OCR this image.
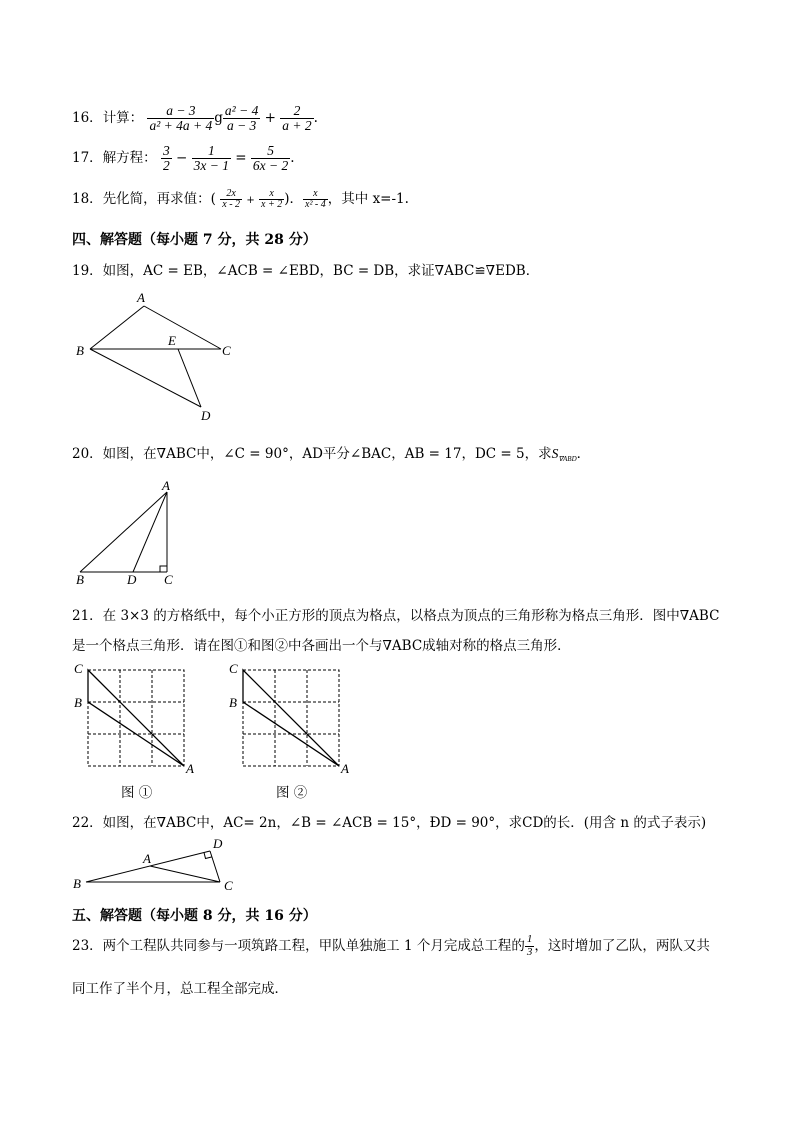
16．计算： $\frac{a - 3}{\text{a² + 4a + 4}}$ g $\frac{\text{a² − 4}}{a - 3} + \frac{2}{a + 2}$ .
17．解方程： $\frac{3}{2} - \frac{1}{3x - 1} = \frac{5}{6x - 2}$ .
18．先化简，再求值：( $\frac{2x}{x - 2} + \frac{x}{x + 2}$ )． $\frac{x}{\text{x² - 4}}$ ，其中 x=-1.
四、解答题（每小题 7 分，共 28 分）
19．如图，AC = EB，∠ACB = ∠EBD，BC = DB，求证∇ABC≌∇EDB．
A
B
E
C
D
20．如图，在∇ABC中，∠C = 90°，AD平分∠BAC，AB = 17，DC = 5，求$S_{\nabla ABD}$．
A
B	D C
21．在 3×3 的方格纸中，每个小正方形的顶点为格点，以格点为顶点的三角形称为格点三角形．图中∇ABC
是一个格点三角形．请在图①和图②中各画出一个与∇ABC成轴对称的格点三角形．
C
B
A
图 ①
C
B
A
图 ②
22．如图，在∇ABC中，AC= 2n，∠B = ∠ACB = 15°，ÐD = 90°，求CD的长．(用含 n 的式子表示)
A
D
B	C
五、解答题（每小题 8 分，共 16 分）
23．两个工程队共同参与一项筑路工程，甲队单独施工 1 个月完成总工程的 $\frac{1}{3}$ ，这时增加了乙队，两队又共
同工作了半个月，总工程全部完成．
